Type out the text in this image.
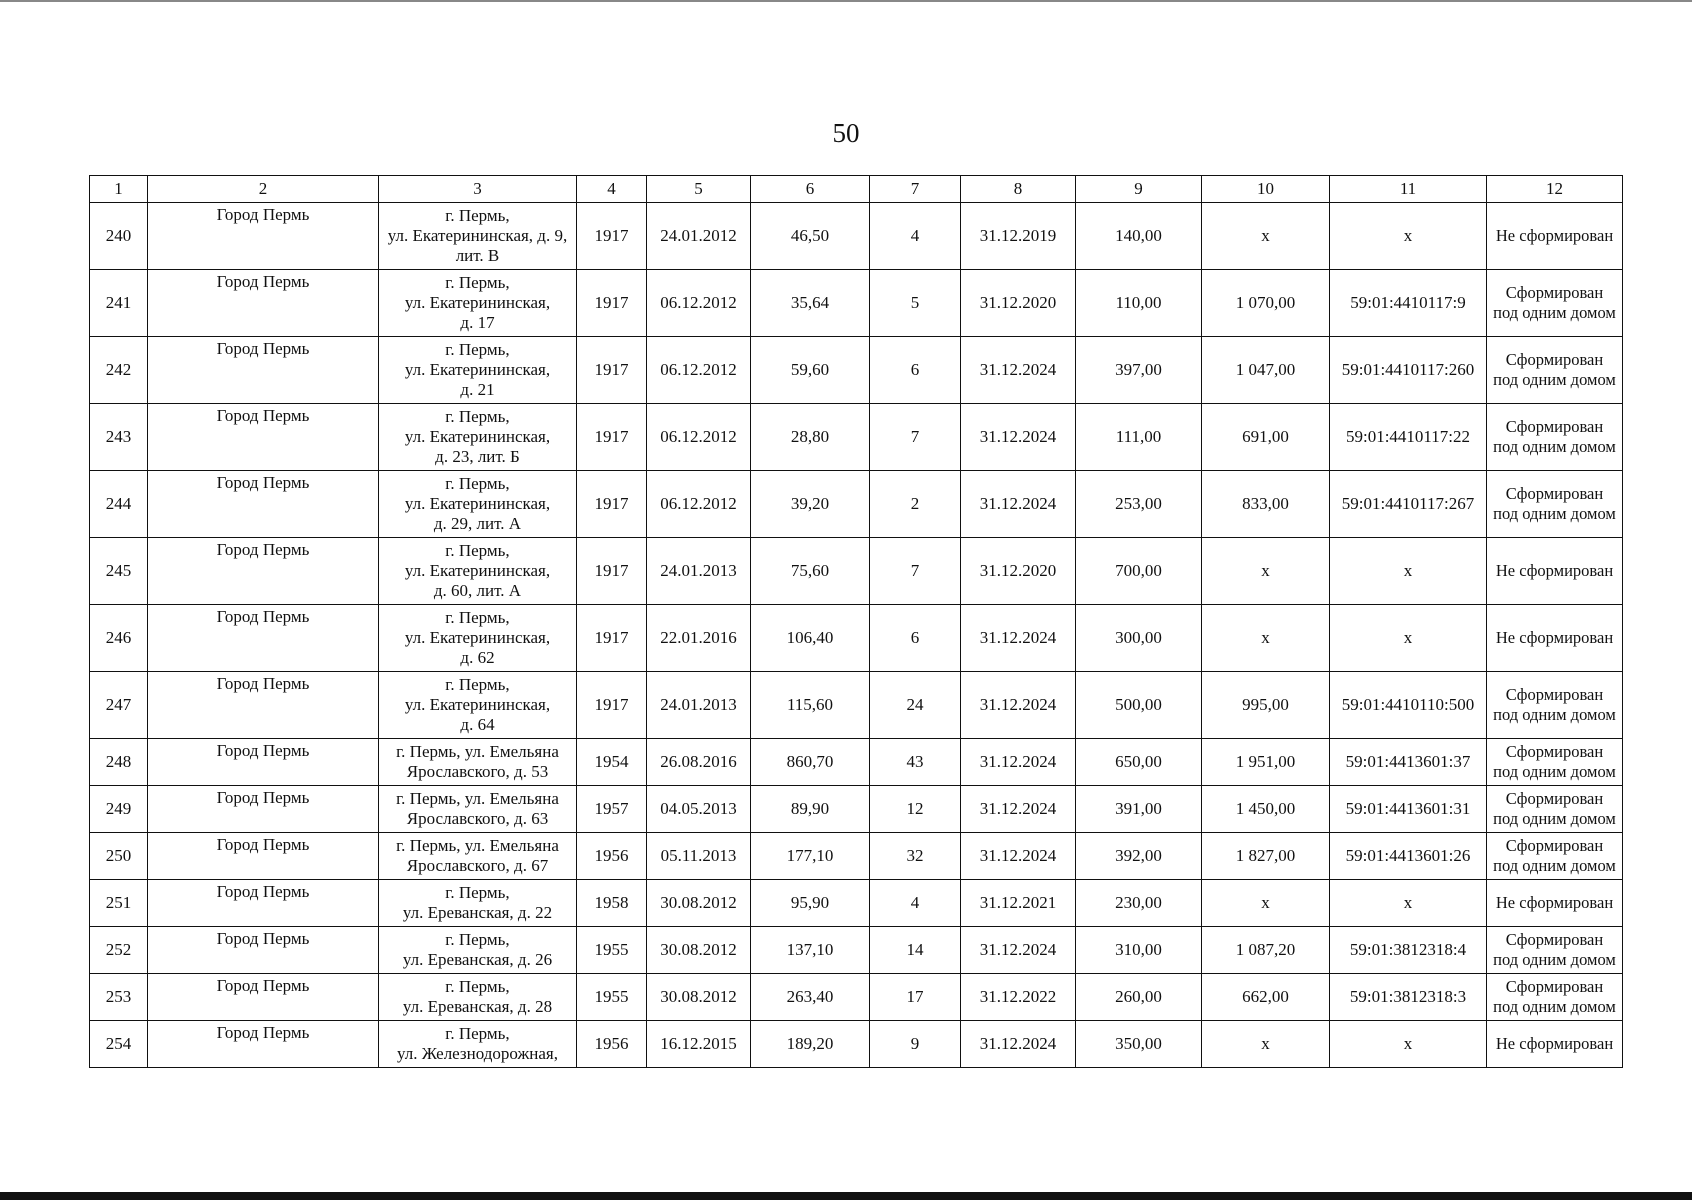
50
1	2	3	4	5	6	7	8	9	10	11	12
240	Город Пермь	г. Пермь,
ул. Екатерининская, д. 9,
лит. В	1917	24.01.2012	46,50	4	31.12.2019	140,00	х	х	Не сформирован

241	Город Пермь	г. Пермь,
ул. Екатерининская,
д. 17	1917	06.12.2012	35,64	5	31.12.2020	110,00	1 070,00	59:01:4410117:9	Сформирован
под одним домом

242	Город Пермь	г. Пермь,
ул. Екатерининская,
д. 21	1917	06.12.2012	59,60	6	31.12.2024	397,00	1 047,00	59:01:4410117:260	Сформирован
под одним домом

243	Город Пермь	г. Пермь,
ул. Екатерининская,
д. 23, лит. Б	1917	06.12.2012	28,80	7	31.12.2024	111,00	691,00	59:01:4410117:22	Сформирован
под одним домом

244	Город Пермь	г. Пермь,
ул. Екатерининская,
д. 29, лит. А	1917	06.12.2012	39,20	2	31.12.2024	253,00	833,00	59:01:4410117:267	Сформирован
под одним домом

245	Город Пермь	г. Пермь,
ул. Екатерининская,
д. 60, лит. А	1917	24.01.2013	75,60	7	31.12.2020	700,00	х	х	Не сформирован

246	Город Пермь	г. Пермь,
ул. Екатерининская,
д. 62	1917	22.01.2016	106,40	6	31.12.2024	300,00	х	х	Не сформирован

247	Город Пермь	г. Пермь,
ул. Екатерининская,
д. 64	1917	24.01.2013	115,60	24	31.12.2024	500,00	995,00	59:01:4410110:500	Сформирован
под одним домом

248	Город Пермь	г. Пермь, ул. Емельяна
Ярославского, д. 53	1954	26.08.2016	860,70	43	31.12.2024	650,00	1 951,00	59:01:4413601:37	Сформирован
под одним домом

249	Город Пермь	г. Пермь, ул. Емельяна
Ярославского, д. 63	1957	04.05.2013	89,90	12	31.12.2024	391,00	1 450,00	59:01:4413601:31	Сформирован
под одним домом

250	Город Пермь	г. Пермь, ул. Емельяна
Ярославского, д. 67	1956	05.11.2013	177,10	32	31.12.2024	392,00	1 827,00	59:01:4413601:26	Сформирован
под одним домом

251	Город Пермь	г. Пермь,
ул. Ереванская, д. 22	1958	30.08.2012	95,90	4	31.12.2021	230,00	х	х	Не сформирован

252	Город Пермь	г. Пермь,
ул. Ереванская, д. 26	1955	30.08.2012	137,10	14	31.12.2024	310,00	1 087,20	59:01:3812318:4	Сформирован
под одним домом

253	Город Пермь	г. Пермь,
ул. Ереванская, д. 28	1955	30.08.2012	263,40	17	31.12.2022	260,00	662,00	59:01:3812318:3	Сформирован
под одним домом

254	Город Пермь	г. Пермь,
ул. Железнодорожная,	1956	16.12.2015	189,20	9	31.12.2024	350,00	х	х	Не сформирован
